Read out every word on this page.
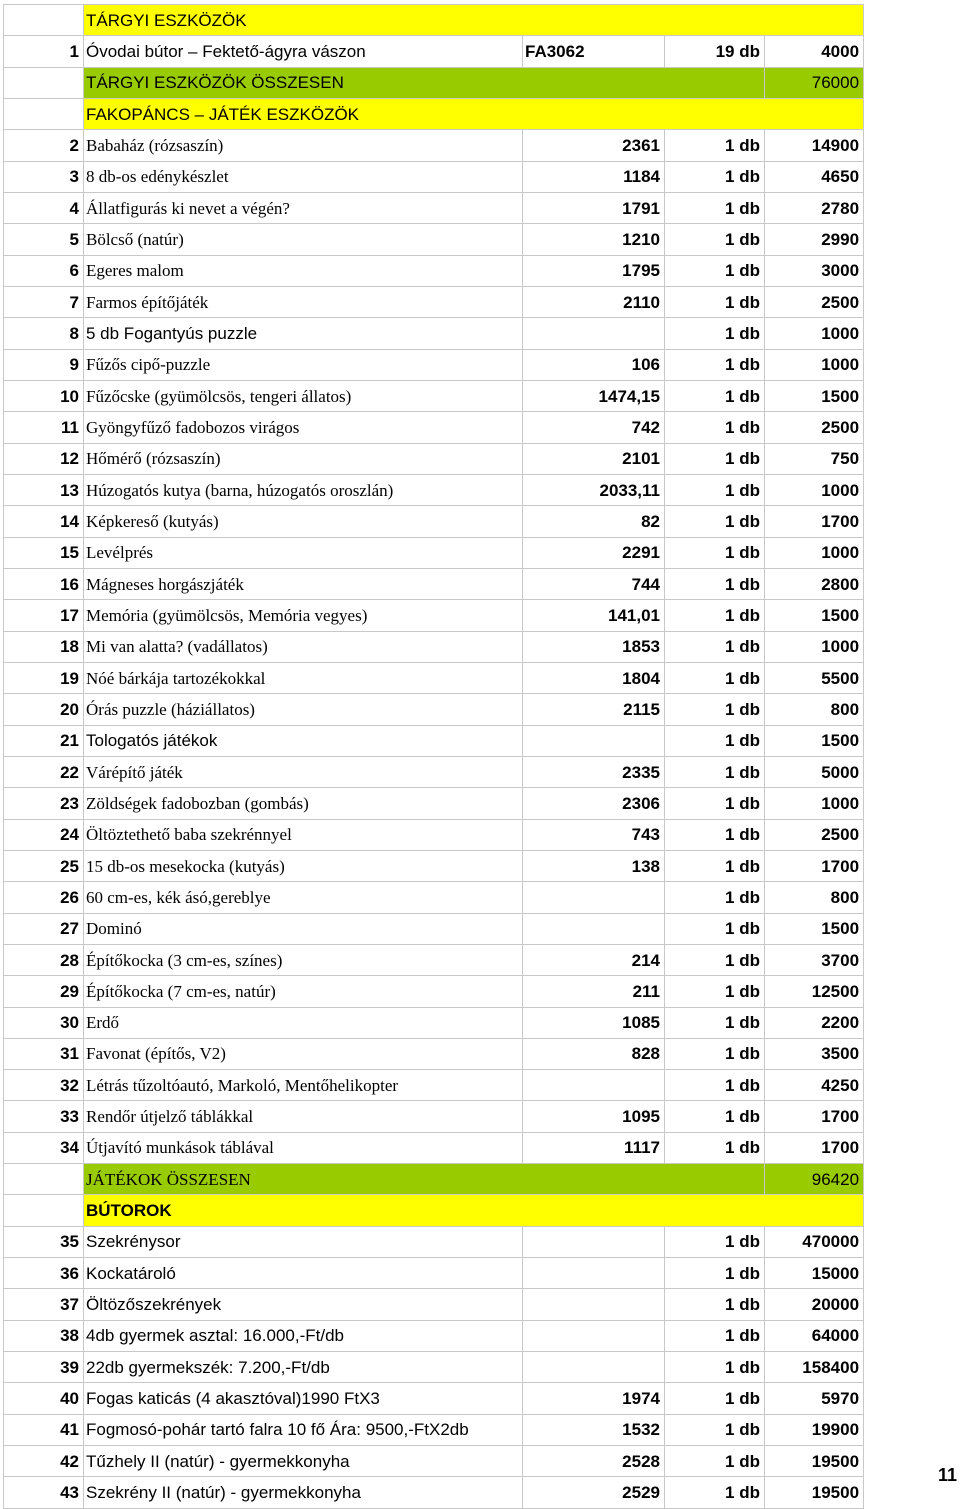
	TÁRGYI ESZKÖZÖK			
1	Óvodai bútor – Fektető-ágyra vászon	FA3062	19 db	4000
	TÁRGYI ESZKÖZÖK ÖSSZESEN			76000
	FAKOPÁNCS – JÁTÉK ESZKÖZÖK			
2	Babaház (rózsaszín)	2361	1 db	14900
3	8 db-os edénykészlet	1184	1 db	4650
4	Állatfigurás ki nevet a végén?	1791	1 db	2780
5	Bölcső (natúr)	1210	1 db	2990
6	Egeres malom	1795	1 db	3000
7	Farmos építőjáték	2110	1 db	2500
8	5 db Fogantyús puzzle		1 db	1000
9	Fűzős cipő-puzzle	106	1 db	1000
10	Fűzőcske (gyümölcsös, tengeri állatos)	1474,15	1 db	1500
11	Gyöngyfűző fadobozos virágos	742	1 db	2500
12	Hőmérő (rózsaszín)	2101	1 db	750
13	Húzogatós kutya (barna, húzogatós oroszlán)	2033,11	1 db	1000
14	Képkereső (kutyás)	82	1 db	1700
15	Levélprés	2291	1 db	1000
16	Mágneses horgászjáték	744	1 db	2800
17	Memória (gyümölcsös, Memória vegyes)	141,01	1 db	1500
18	Mi van alatta? (vadállatos)	1853	1 db	1000
19	Nóé bárkája tartozékokkal	1804	1 db	5500
20	Órás puzzle (háziállatos)	2115	1 db	800
21	Tologatós játékok		1 db	1500
22	Várépítő játék	2335	1 db	5000
23	Zöldségek fadobozban (gombás)	2306	1 db	1000
24	Öltöztethető baba szekrénnyel	743	1 db	2500
25	15 db-os mesekocka (kutyás)	138	1 db	1700
26	60 cm-es, kék ásó,gereblye		1 db	800
27	Dominó		1 db	1500
28	Építőkocka (3 cm-es, színes)	214	1 db	3700
29	Építőkocka (7 cm-es, natúr)	211	1 db	12500
30	Erdő	1085	1 db	2200
31	Favonat (építős, V2)	828	1 db	3500
32	Létrás tűzoltóautó, Markoló, Mentőhelikopter		1 db	4250
33	Rendőr útjelző táblákkal	1095	1 db	1700
34	Útjavító munkások táblával	1117	1 db	1700
	JÁTÉKOK ÖSSZESEN			96420
	BÚTOROK			
35	Szekrénysor		1 db	470000
36	Kockatároló		1 db	15000
37	Öltözőszekrények		1 db	20000
38	4db gyermek asztal: 16.000,-Ft/db		1 db	64000
39	22db gyermekszék: 7.200,-Ft/db		1 db	158400
40	Fogas katicás (4 akasztóval)1990 FtX3	1974	1 db	5970
41	Fogmosó-pohár tartó falra 10 fő Ára: 9500,-FtX2db	1532	1 db	19900
42	Tűzhely II (natúr) - gyermekkonyha	2528	1 db	19500
43	Szekrény II (natúr) - gyermekkonyha	2529	1 db	19500
11
